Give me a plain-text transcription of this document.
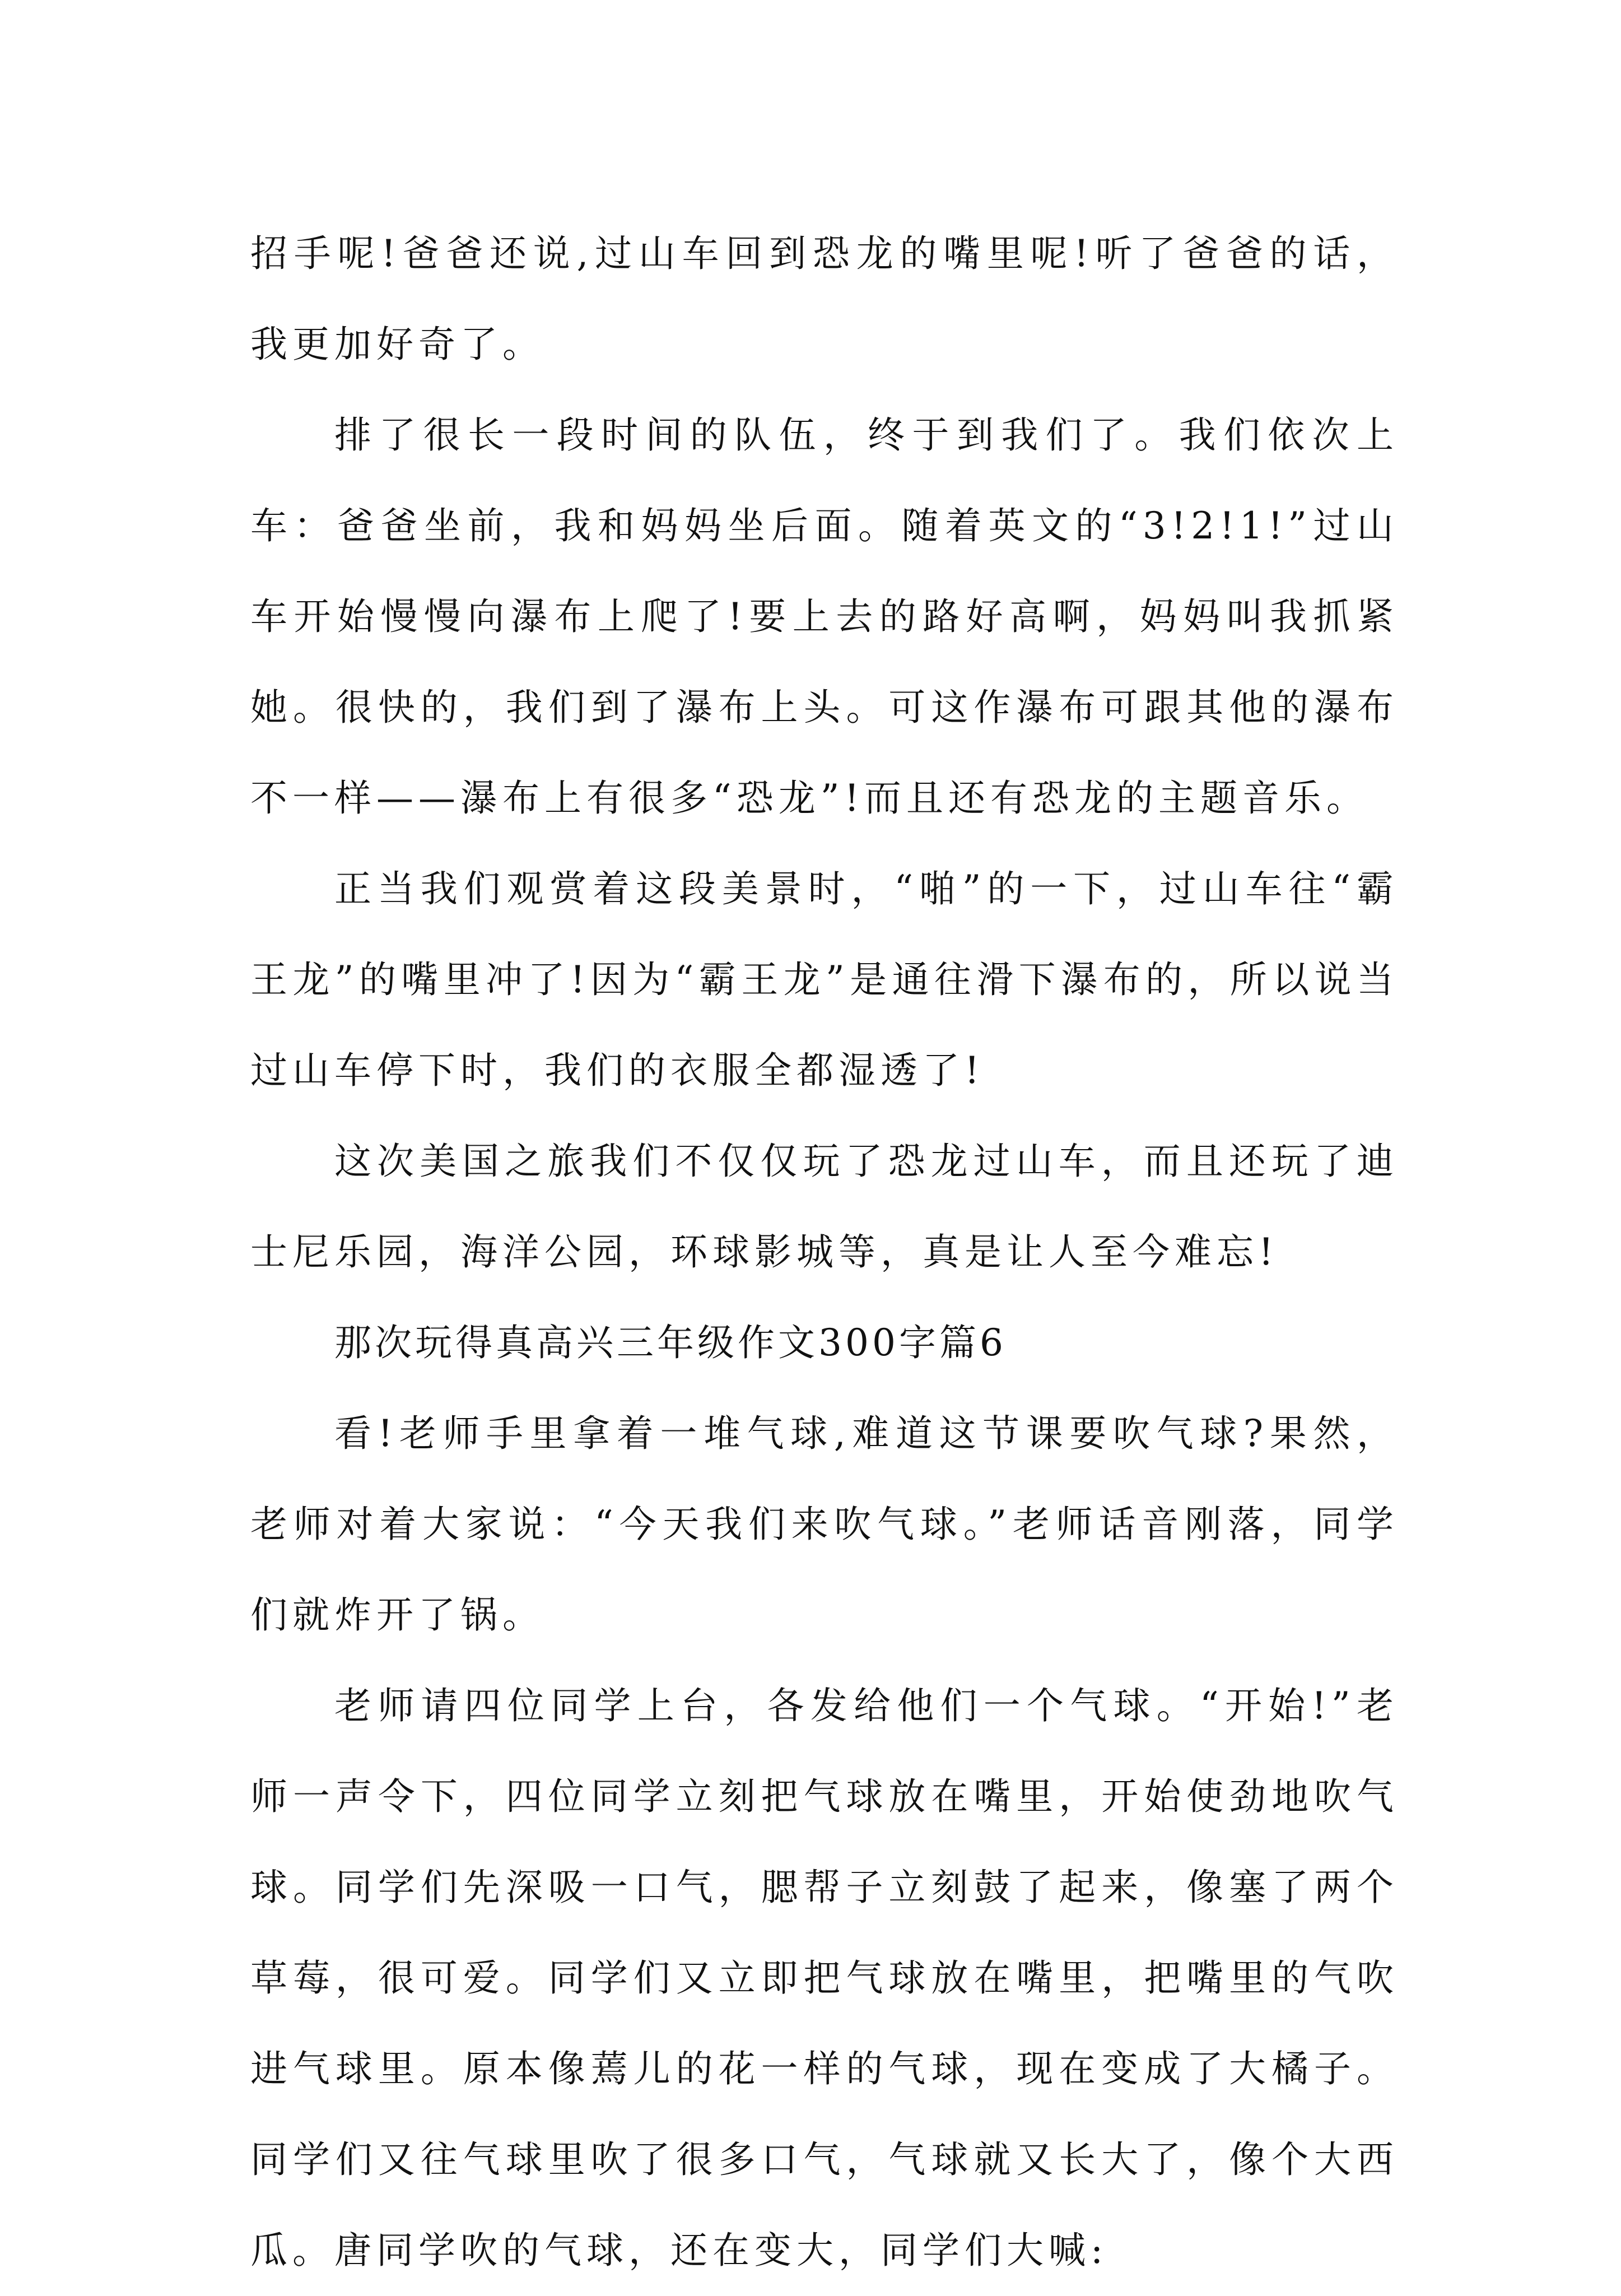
招手呢!爸爸还说,过山车回到恐龙的嘴里呢!听了爸爸的话，我更加好奇了。

排了很长一段时间的队伍，终于到我们了。我们依次上车：爸爸坐前，我和妈妈坐后面。随着英文的“3!2!1!”过山车开始慢慢向瀑布上爬了!要上去的路好高啊，妈妈叫我抓紧她。很快的，我们到了瀑布上头。可这作瀑布可跟其他的瀑布不一样——瀑布上有很多“恐龙”!而且还有恐龙的主题音乐。

正当我们观赏着这段美景时，“啪”的一下，过山车往“霸王龙”的嘴里冲了!因为“霸王龙”是通往滑下瀑布的，所以说当过山车停下时，我们的衣服全都湿透了!

这次美国之旅我们不仅仅玩了恐龙过山车，而且还玩了迪士尼乐园，海洋公园，环球影城等，真是让人至今难忘!

那次玩得真高兴三年级作文300字篇6

看!老师手里拿着一堆气球,难道这节课要吹气球?果然，老师对着大家说：“今天我们来吹气球。”老师话音刚落，同学们就炸开了锅。

老师请四位同学上台，各发给他们一个气球。“开始!”老师一声令下，四位同学立刻把气球放在嘴里，开始使劲地吹气球。同学们先深吸一口气，腮帮子立刻鼓了起来，像塞了两个草莓，很可爱。同学们又立即把气球放在嘴里，把嘴里的气吹进气球里。原本像蔫儿的花一样的气球，现在变成了大橘子。同学们又往气球里吹了很多口气，气球就又长大了，像个大西瓜。唐同学吹的气球，还在变大，同学们大喊:
